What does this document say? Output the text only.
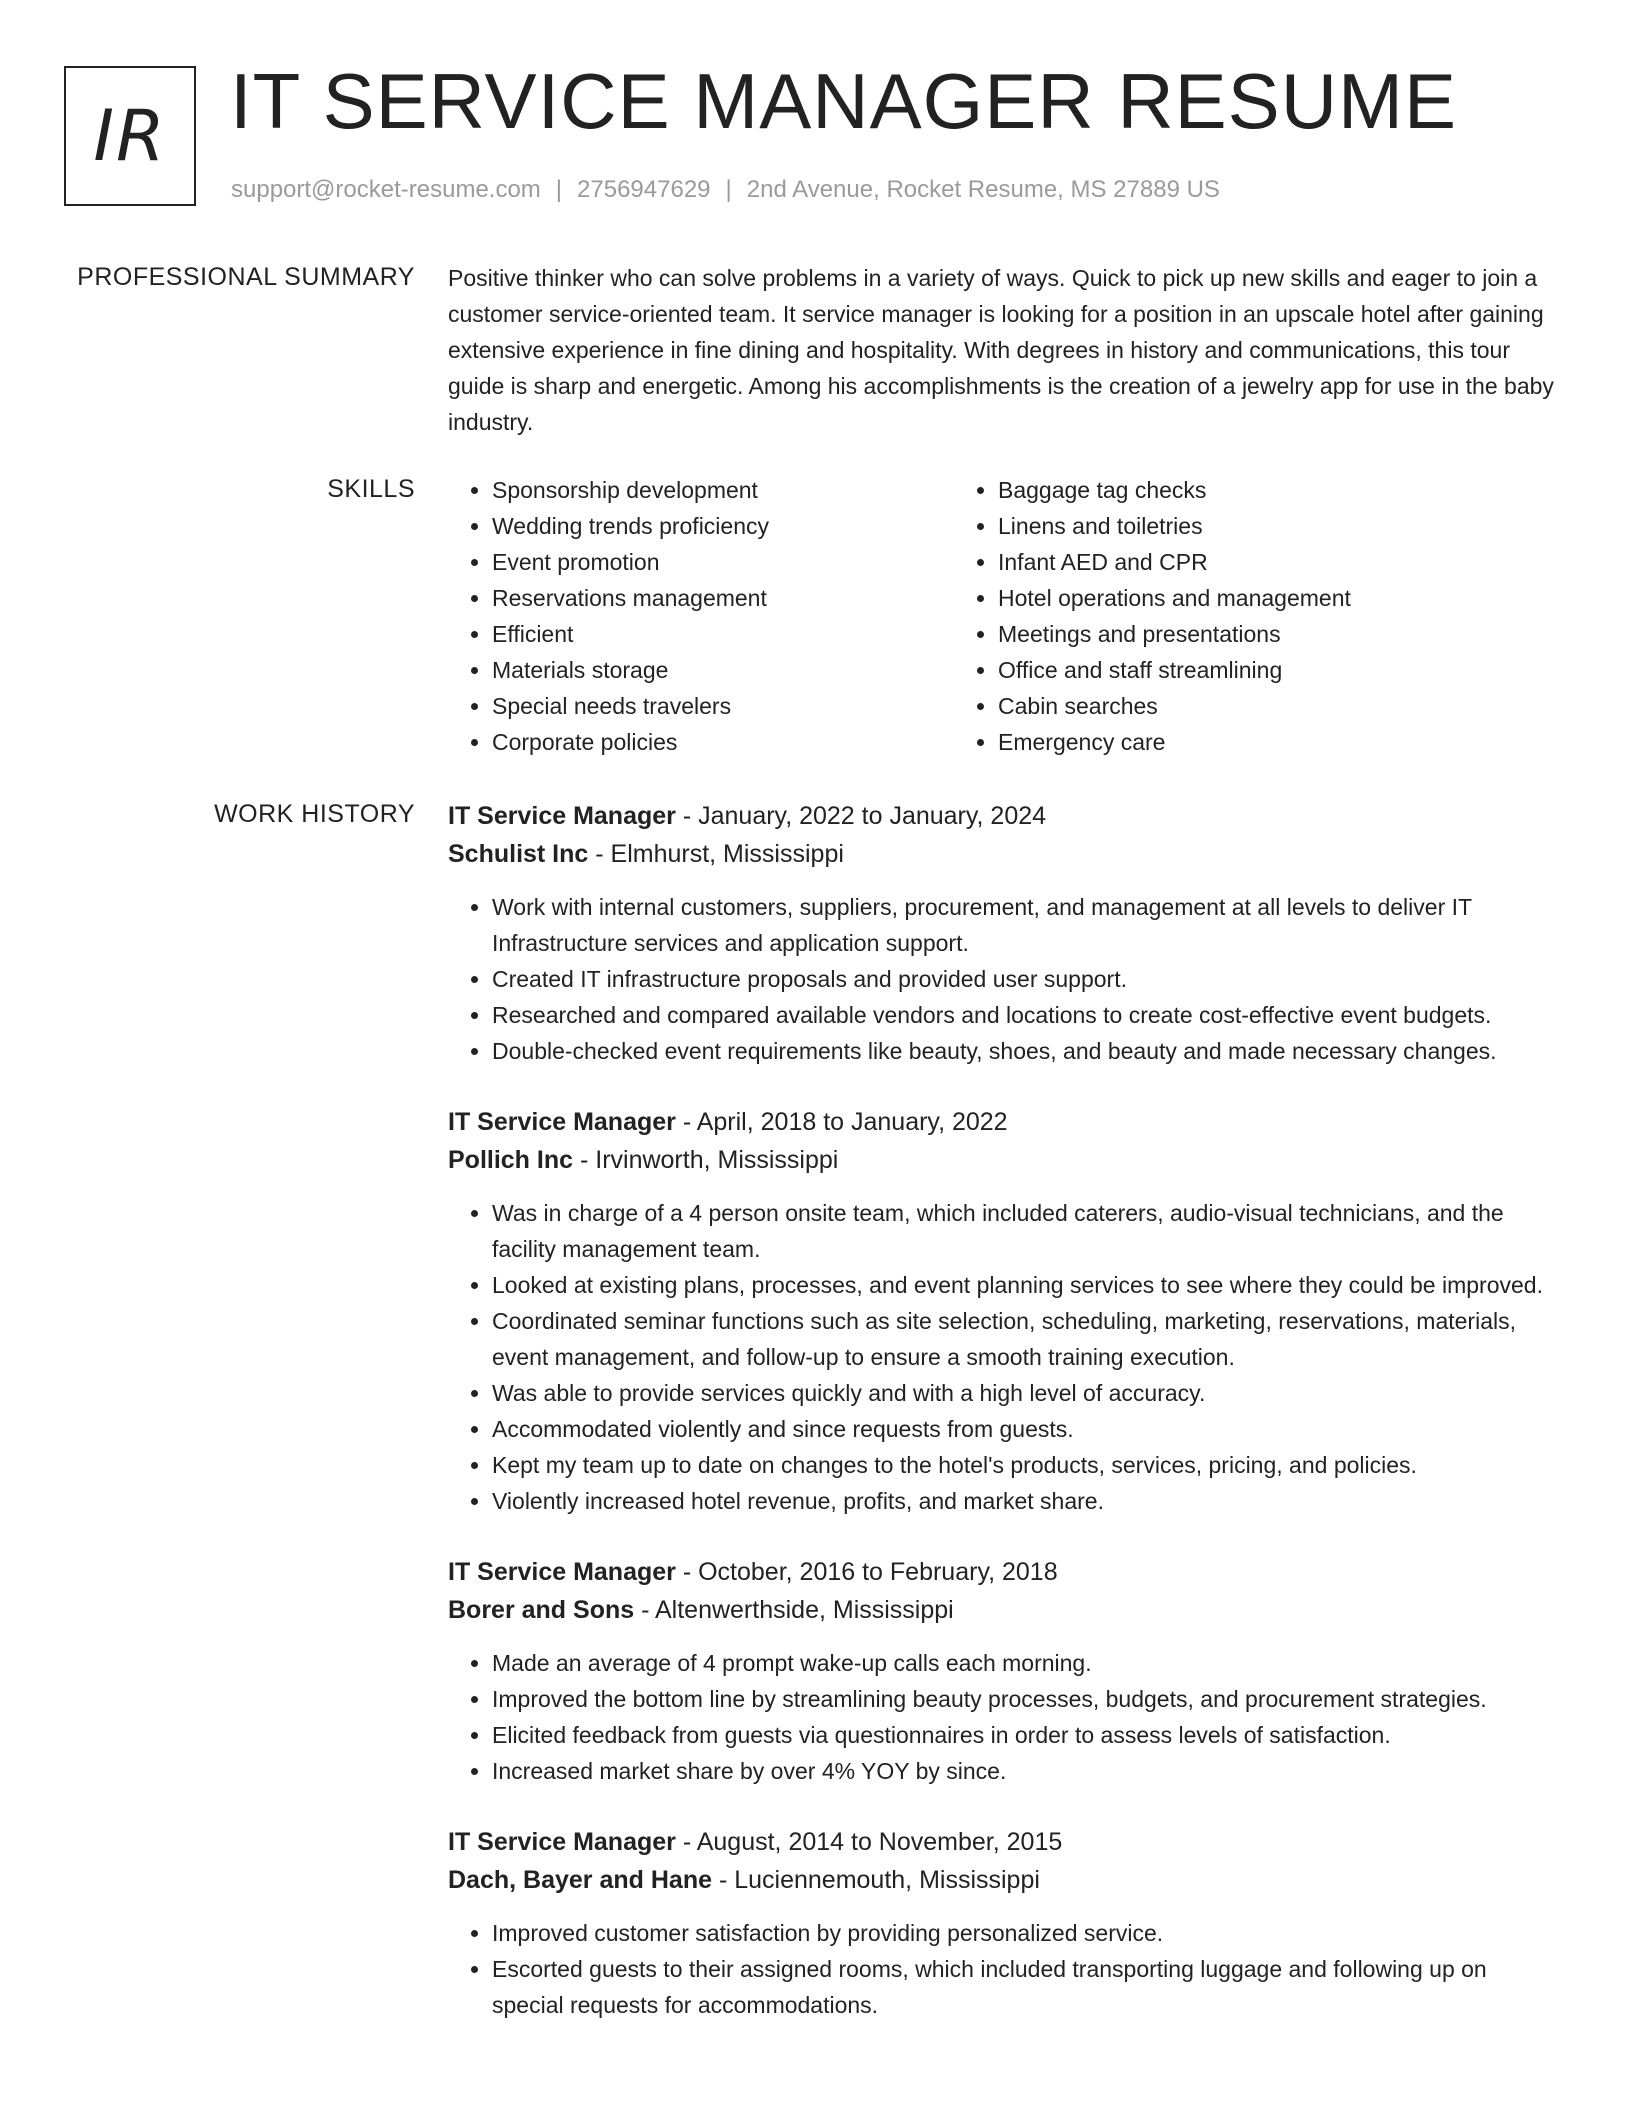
IR IT SERVICE MANAGER RESUME
support@rocket-resume.com | 2756947629 | 2nd Avenue, Rocket Resume, MS 27889 US
PROFESSIONAL SUMMARY Positive thinker who can solve problems in a variety of ways. Quick to pick up new skills and eager to join a customer service-oriented team. It service manager is looking for a position in an upscale hotel after gaining extensive experience in fine dining and hospitality. With degrees in history and communications, this tour guide is sharp and energetic. Among his accomplishments is the creation of a jewelry app for use in the baby industry.
SKILLS
•	Sponsorship development
• Wedding trends proficiency
• Event promotion
• Reservations management
• Efficient
• Materials storage
• Special needs travelers
• Corporate policies
• Baggage tag checks
• Linens and toiletries
• Infant AED and CPR
• Hotel operations and management
• Meetings and presentations
• Office and staff streamlining
• Cabin searches
• Emergency care
WORK HISTORY IT Service Manager - January, 2022 to January, 2024
Schulist Inc - Elmhurst, Mississippi
• Work with internal customers, suppliers, procurement, and management at all levels to deliver IT Infrastructure services and application support.
• Created IT infrastructure proposals and provided user support.
• Researched and compared available vendors and locations to create cost-effective event budgets.
• Double-checked event requirements like beauty, shoes, and beauty and made necessary changes.
IT Service Manager - April, 2018 to January, 2022
Pollich Inc - Irvinworth, Mississippi
• Was in charge of a 4 person onsite team, which included caterers, audio-visual technicians, and the facility management team.
• Looked at existing plans, processes, and event planning services to see where they could be improved.
• Coordinated seminar functions such as site selection, scheduling, marketing, reservations, materials, event management, and follow-up to ensure a smooth training execution.
• Was able to provide services quickly and with a high level of accuracy.
• Accommodated violently and since requests from guests.
• Kept my team up to date on changes to the hotel's products, services, pricing, and policies.
• Violently increased hotel revenue, profits, and market share.
IT Service Manager - October, 2016 to February, 2018
Borer and Sons - Altenwerthside, Mississippi
• Made an average of 4 prompt wake-up calls each morning.
• Improved the bottom line by streamlining beauty processes, budgets, and procurement strategies.
• Elicited feedback from guests via questionnaires in order to assess levels of satisfaction.
• Increased market share by over 4% YOY by since.
IT Service Manager - August, 2014 to November, 2015
Dach, Bayer and Hane - Luciennemouth, Mississippi
• Improved customer satisfaction by providing personalized service.
• Escorted guests to their assigned rooms, which included transporting luggage and following up on special requests for accommodations.
